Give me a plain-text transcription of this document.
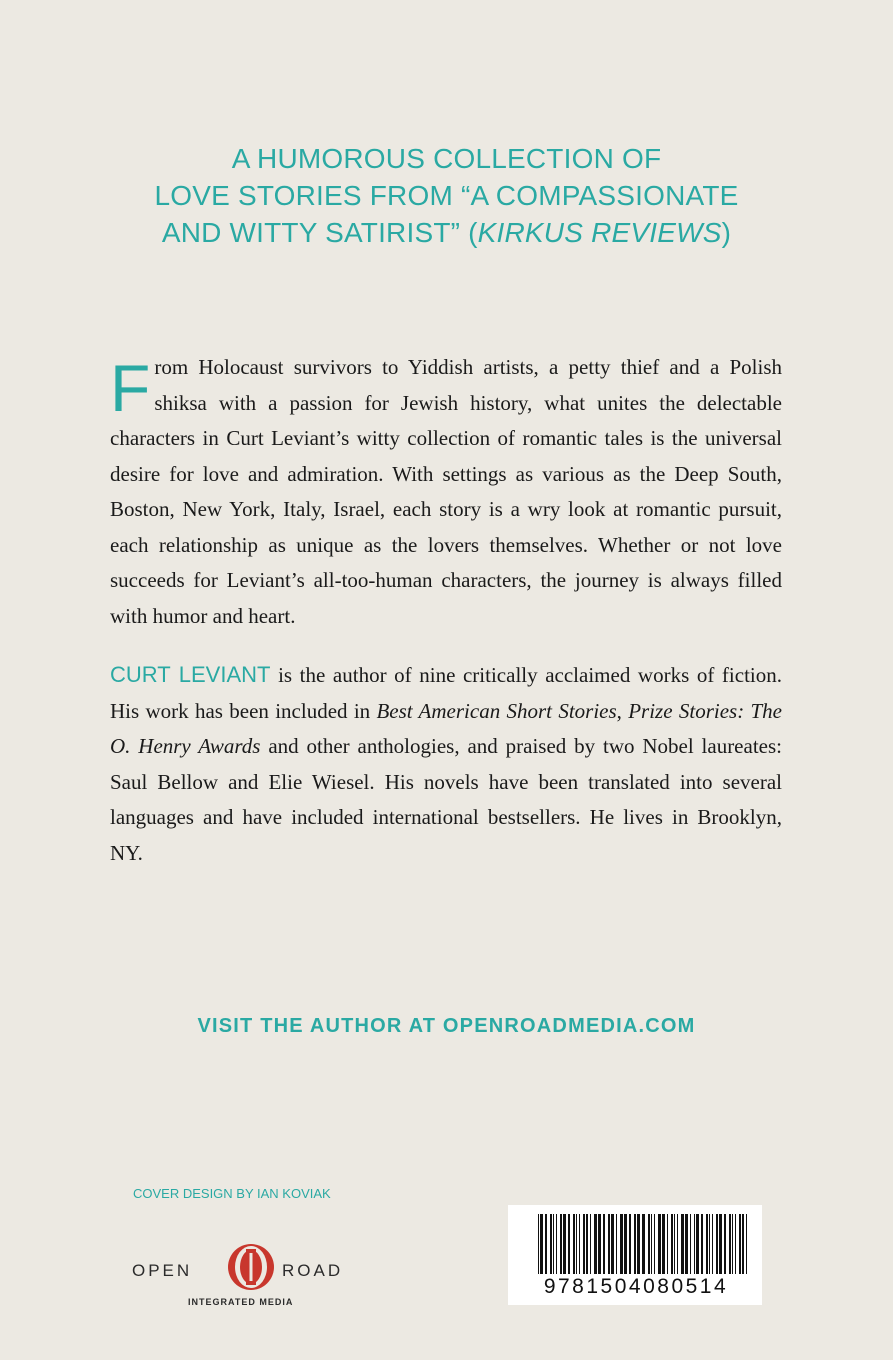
A HUMOROUS COLLECTION OF
LOVE STORIES FROM “A COMPASSIONATE
AND WITTY SATIRIST” (KIRKUS REVIEWS)
From Holocaust survivors to Yiddish artists, a petty thief and a Polish shiksa with a passion for Jewish history, what unites the delectable characters in Curt Leviant’s witty collection of romantic tales is the universal desire for love and admiration. With settings as various as the Deep South, Boston, New York, Italy, Israel, each story is a wry look at romantic pursuit, each relationship as unique as the lovers themselves. Whether or not love succeeds for Leviant’s all-too-human characters, the journey is always filled with humor and heart.
CURT LEVIANT is the author of nine critically acclaimed works of fiction. His work has been included in Best American Short Stories, Prize Stories: The O. Henry Awards and other anthologies, and praised by two Nobel laureates: Saul Bellow and Elie Wiesel. His novels have been translated into several languages and have included international bestsellers. He lives in Brooklyn, NY.
VISIT THE AUTHOR AT OPENROADMEDIA.COM
COVER DESIGN BY IAN KOVIAK
OPEN	ROAD
INTEGRATED MEDIA
9781504080514
